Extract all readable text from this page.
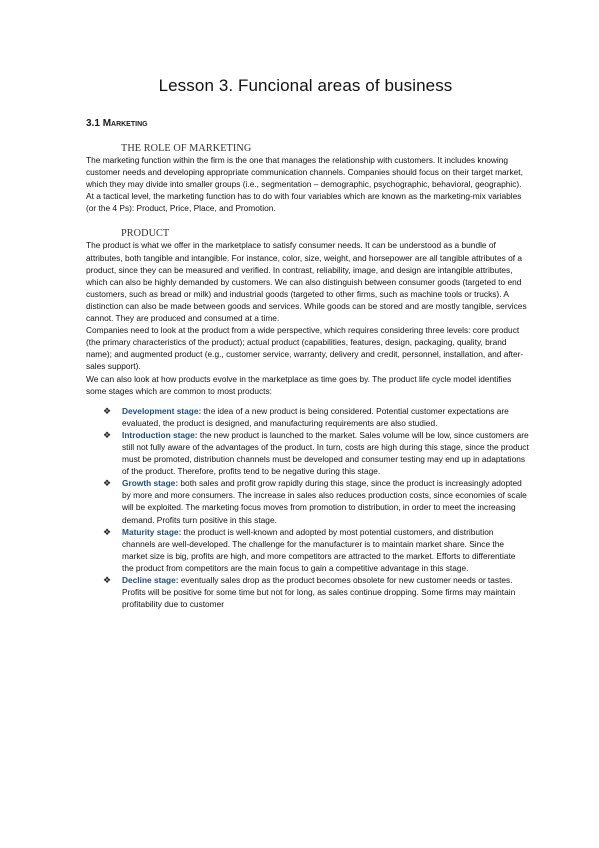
Lesson 3. Funcional areas of business
3.1 Marketing
THE ROLE OF MARKETING

The marketing function within the firm is the one that manages the relationship with customers. It includes knowing customer needs and developing appropriate communication channels. Companies should focus on their target market, which they may divide into smaller groups (i.e., segmentation – demographic, psychographic, behavioral, geographic).

At a tactical level, the marketing function has to do with four variables which are known as the marketing-mix variables (or the 4 Ps): Product, Price, Place, and Promotion.

PRODUCT

The product is what we offer in the marketplace to satisfy consumer needs. It can be understood as a bundle of attributes, both tangible and intangible. For instance, color, size, weight, and horsepower are all tangible attributes of a product, since they can be measured and verified. In contrast, reliability, image, and design are intangible attributes, which can also be highly demanded by customers. We can also distinguish between consumer goods (targeted to end customers, such as bread or milk) and industrial goods (targeted to other firms, such as machine tools or trucks). A distinction can also be made between goods and services. While goods can be stored and are mostly tangible, services cannot. They are produced and consumed at a time.

Companies need to look at the product from a wide perspective, which requires considering three levels: core product (the primary characteristics of the product); actual product (capabilities, features, design, packaging, quality, brand name); and augmented product (e.g., customer service, warranty, delivery and credit, personnel, installation, and after-sales support).

We can also look at how products evolve in the marketplace as time goes by. The product life cycle model identifies some stages which are common to most products:

❖ Development stage: the idea of a new product is being considered. Potential customer expectations are evaluated, the product is designed, and manufacturing requirements are also studied.
❖ Introduction stage: the new product is launched to the market. Sales volume will be low, since customers are still not fully aware of the advantages of the product. In turn, costs are high during this stage, since the product must be promoted, distribution channels must be developed and consumer testing may end up in adaptations of the product. Therefore, profits tend to be negative during this stage.
❖ Growth stage: both sales and profit grow rapidly during this stage, since the product is increasingly adopted by more and more consumers. The increase in sales also reduces production costs, since economies of scale will be exploited. The marketing focus moves from promotion to distribution, in order to meet the increasing demand. Profits turn positive in this stage.
❖ Maturity stage: the product is well-known and adopted by most potential customers, and distribution channels are well-developed. The challenge for the manufacturer is to maintain market share. Since the market size is big, profits are high, and more competitors are attracted to the market. Efforts to differentiate the product from competitors are the main focus to gain a competitive advantage in this stage.
❖ Decline stage: eventually sales drop as the product becomes obsolete for new customer needs or tastes. Profits will be positive for some time but not for long, as sales continue dropping. Some firms may maintain profitability due to customer
